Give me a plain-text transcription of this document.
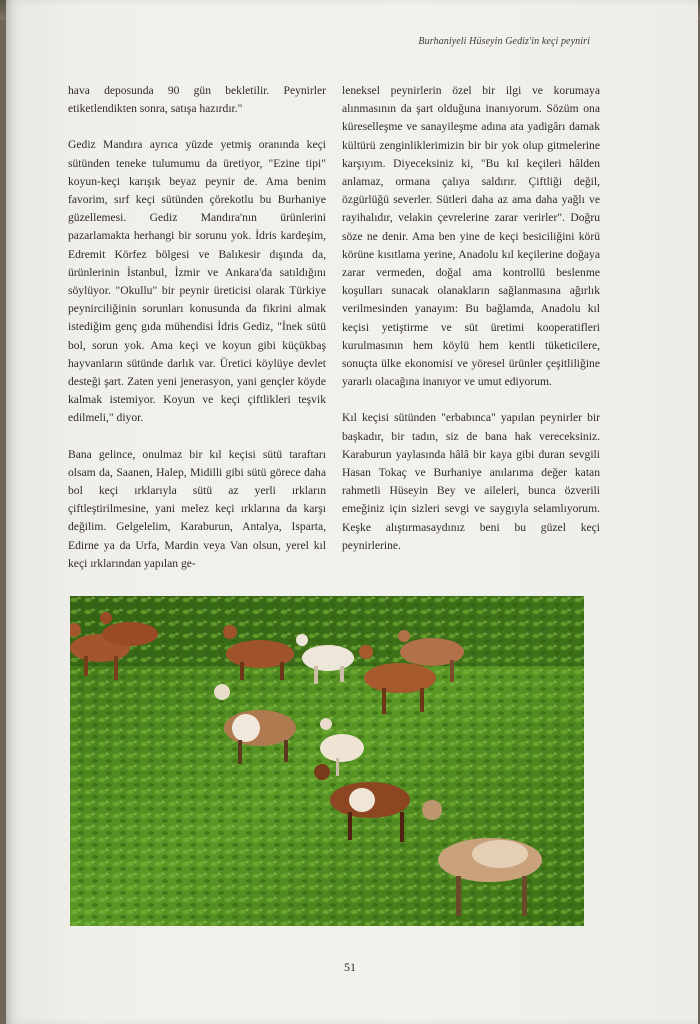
Burhaniyeli Hüseyin Gediz'in keçi peyniri

hava deposunda 90 gün bekletilir. Peynirler etiketlendikten sonra, satışa hazırdır."

Gediz Mandıra ayrıca yüzde yetmiş oranında keçi sütünden teneke tulumumu da üretiyor, "Ezine tipi" koyun-keçi karışık beyaz peynir de. Ama benim favorim, sırf keçi sütünden çörekotlu bu Burhaniye güzellemesi. Gediz Mandıra'nın ürünlerini pazarlamakta herhangi bir sorunu yok. İdris kardeşim, Edremit Körfez bölgesi ve Balıkesir dışında da, ürünlerinin İstanbul, İzmir ve Ankara'da satıldığını söylüyor. "Okullu" bir peynir üreticisi olarak Türkiye peynirciliğinin sorunları konusunda da fikrini almak istediğim genç gıda mühendisi İdris Gediz, "İnek sütü bol, sorun yok. Ama keçi ve koyun gibi küçükbaş hayvanların sütünde darlık var. Üretici köylüye devlet desteği şart. Zaten yeni jenerasyon, yani gençler köyde kalmak istemiyor. Koyun ve keçi çiftlikleri teşvik edilmeli," diyor.

Bana gelince, onulmaz bir kıl keçisi sütü taraftarı olsam da, Saanen, Halep, Midilli gibi sütü görece daha bol keçi ırklarıyla sütü az yerli ırkların çiftleştirilmesine, yani melez keçi ırklarına da karşı değilim. Gelgelelim, Karaburun, Antalya, Isparta, Edirne ya da Urfa, Mardin veya Van olsun, yerel kıl keçi ırklarından yapılan ge-

leneksel peynirlerin özel bir ilgi ve korumaya alınmasının da şart olduğuna inanıyorum. Sözüm ona küreselleşme ve sanayileşme adına ata yadigârı damak kültürü zenginliklerimizin bir bir yok olup gitmelerine karşıyım. Diyeceksiniz ki, "Bu kıl keçileri hâlden anlamaz, ormana çalıya saldırır. Çiftliği değil, özgürlüğü severler. Sütleri daha az ama daha yağlı ve rayihalıdır, velakin çevrelerine zarar verirler". Doğru söze ne denir. Ama ben yine de keçi besiciliğini körü körüne kısıtlama yerine, Anadolu kıl keçilerine doğaya zarar vermeden, doğal ama kontrollü beslenme koşulları sunacak olanakların sağlanmasına ağırlık verilmesinden yanayım: Bu bağlamda, Anadolu kıl keçisi yetiştirme ve süt üretimi kooperatifleri kurulmasının hem köylü hem kentli tüketicilere, sonuçta ülke ekonomisi ve yöresel ürünler çeşitliliğine yararlı olacağına inanıyor ve umut ediyorum.

Kıl keçisi sütünden "erbabınca" yapılan peynirler bir başkadır, bir tadın, siz de bana hak vereceksiniz. Karaburun yaylasında hâlâ bir kaya gibi duran sevgili Hasan Tokaç ve Burhaniye anılarıma değer katan rahmetli Hüseyin Bey ve aileleri, bunca özverili emeğiniz için sizleri sevgi ve saygıyla selamlıyorum. Keşke alıştırmasaydınız beni bu güzel keçi peynirlerine.

51
